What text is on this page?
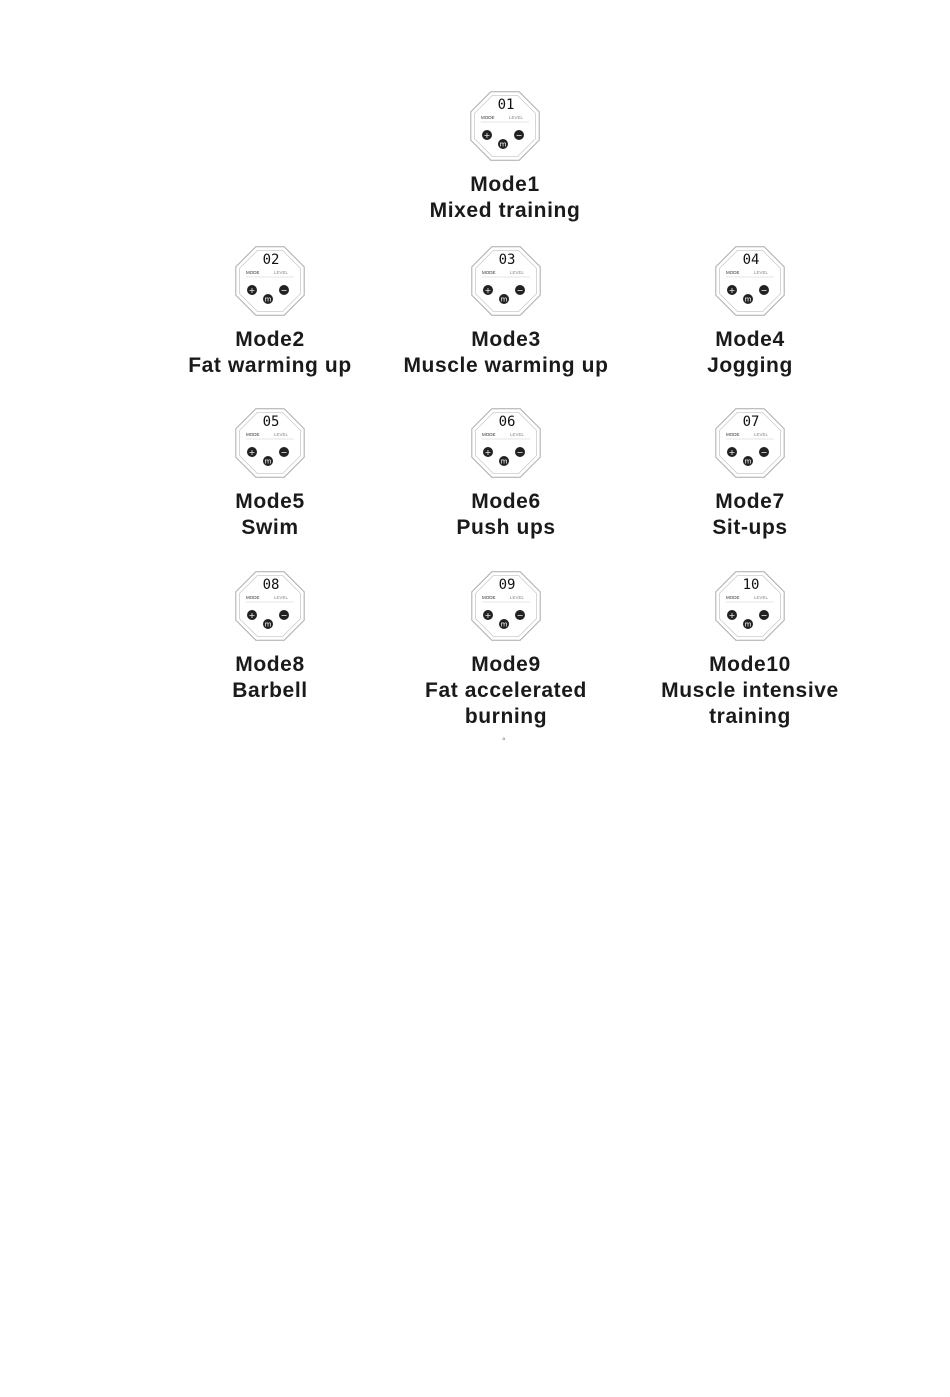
01
MODE	LEVEL
+	−
m
Mode1
Mixed training
02
MODE	LEVEL
+	−
m
Mode2
Fat warming up
03
MODE	LEVEL
+	−
m
Mode3
Muscle warming up
04
MODE	LEVEL
+	−
m
Mode4
Jogging
05
MODE	LEVEL
+	−
m
Mode5
Swim
06
MODE	LEVEL
+	−
m
Mode6
Push ups
07
MODE	LEVEL
+	−
m
Mode7
Sit-ups
08
MODE	LEVEL
+	−
m
Mode8
Barbell
09
MODE	LEVEL
+	−
m
Mode9
Fat accelerated
burning
10
MODE	LEVEL
+	−
m
Mode10
Muscle intensive
training
°
